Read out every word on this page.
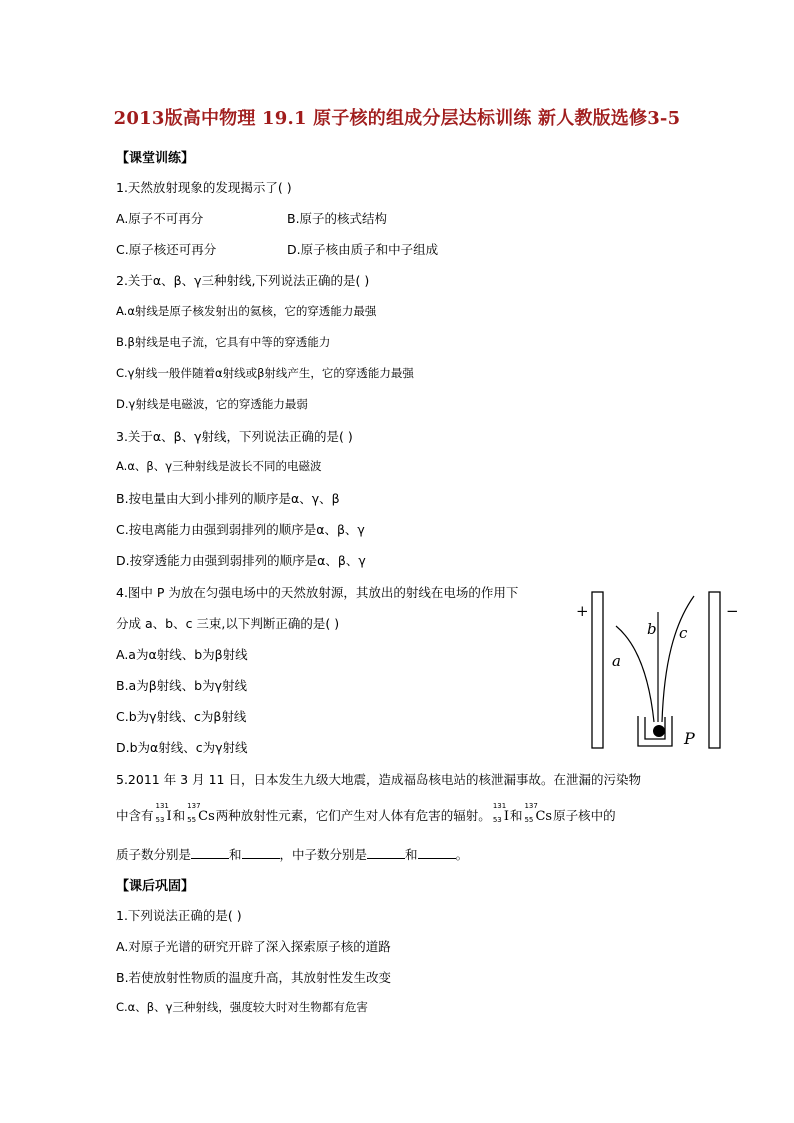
2013版高中物理 19.1 原子核的组成分层达标训练 新人教版选修3-5
【课堂训练】
1.天然放射现象的发现揭示了( )
A.原子不可再分	B.原子的核式结构
C.原子核还可再分	D.原子核由质子和中子组成
2.关于α、β、γ三种射线,下列说法正确的是( )
A.α射线是原子核发射出的氦核，它的穿透能力最强
B.β射线是电子流，它具有中等的穿透能力
C.γ射线一般伴随着α射线或β射线产生，它的穿透能力最强
D.γ射线是电磁波，它的穿透能力最弱
3.关于α、β、γ射线，下列说法正确的是( )
A.α、β、γ三种射线是波长不同的电磁波
B.按电量由大到小排列的顺序是α、γ、β
C.按电离能力由强到弱排列的顺序是α、β、γ
D.按穿透能力由强到弱排列的顺序是α、β、γ
4.图中 P 为放在匀强电场中的天然放射源，其放出的射线在电场的作用下
分成 a、b、c 三束,以下判断正确的是( )
A.a为α射线、b为β射线
B.a为β射线、b为γ射线
C.b为γ射线、c为β射线
D.b为α射线、c为γ射线
+	−
a
b c
P
5.2011 年 3 月 11 日，日本发生九级大地震，造成福岛核电站的核泄漏事故。在泄漏的污染物
中含有
131
53 I和
137
55 Cs两种放射性元素，它们产生对人体有危害的辐射。
131
53 I和
137
55 Cs原子核中的
质子数分别是	和	，中子数分别是	和	。
【课后巩固】
1.下列说法正确的是( )
A.对原子光谱的研究开辟了深入探索原子核的道路
B.若使放射性物质的温度升高，其放射性发生改变
C.α、β、γ三种射线，强度较大时对生物都有危害
